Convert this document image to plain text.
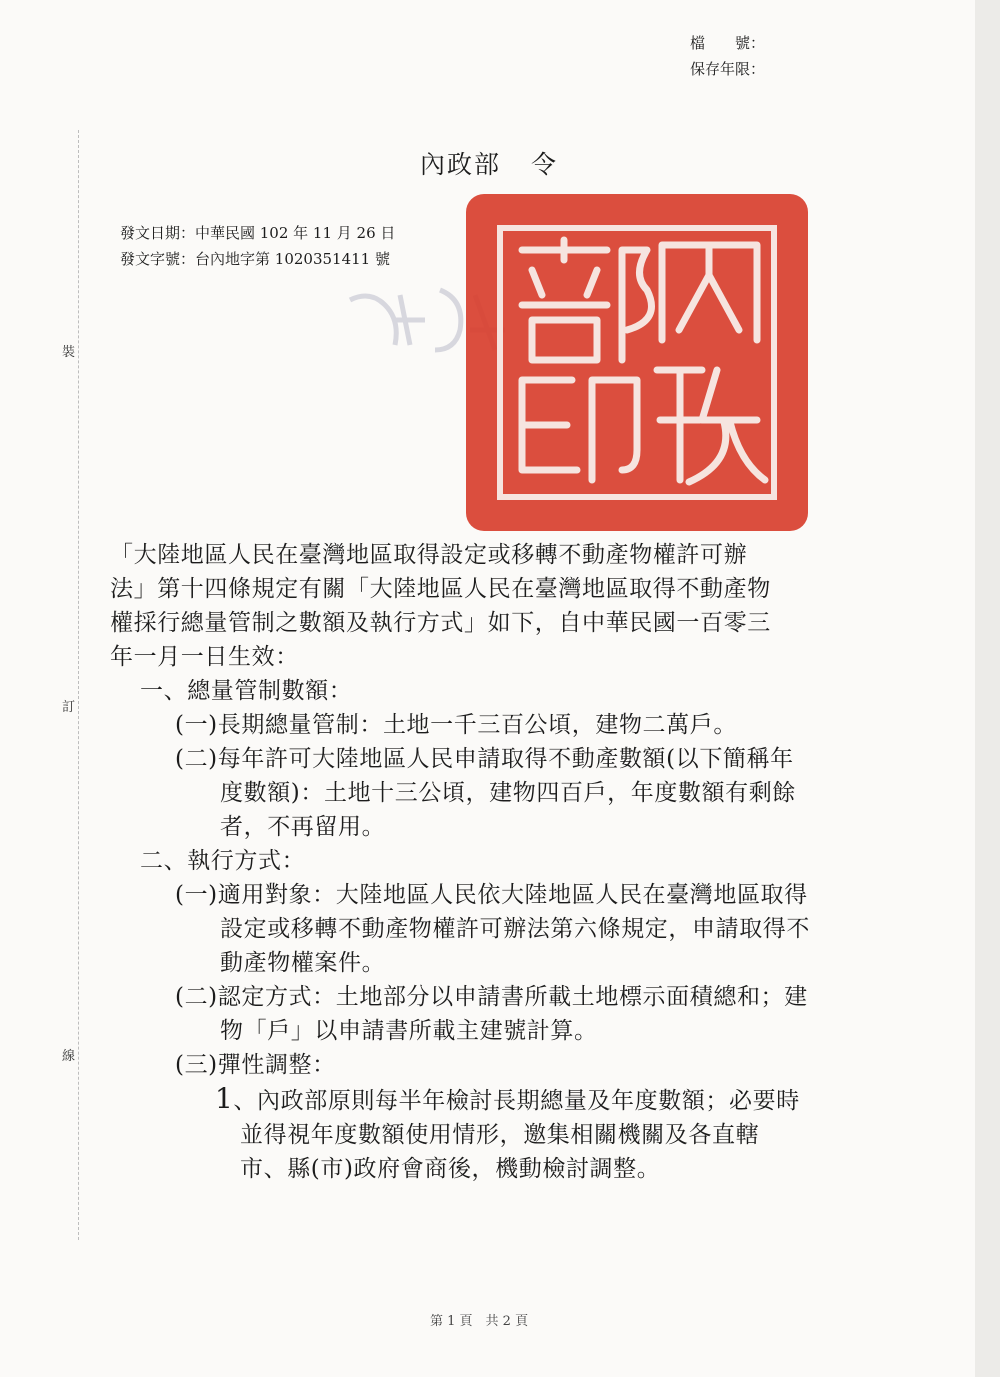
裝
訂
線
檔　　號：
保存年限：
內政部 令
發文日期：中華民國 102 年 11 月 26 日
發文字號：台內地字第 1020351411 號

「大陸地區人民在臺灣地區取得設定或移轉不動產物權許可辦

法」第十四條規定有關「大陸地區人民在臺灣地區取得不動產物

權採行總量管制之數額及執行方式」如下，自中華民國一百零三

年一月一日生效：

一、總量管制數額：

(一)長期總量管制：土地一千三百公頃，建物二萬戶。

(二)每年許可大陸地區人民申請取得不動產數額(以下簡稱年

度數額)：土地十三公頃，建物四百戶，年度數額有剩餘

者，不再留用。

二、執行方式：

(一)適用對象：大陸地區人民依大陸地區人民在臺灣地區取得

設定或移轉不動產物權許可辦法第六條規定，申請取得不

動產物權案件。

(二)認定方式：土地部分以申請書所載土地標示面積總和；建

物「戶」以申請書所載主建號計算。

(三)彈性調整：

1、內政部原則每半年檢討長期總量及年度數額；必要時

並得視年度數額使用情形，邀集相關機關及各直轄

市、縣(市)政府會商後，機動檢討調整。

第 1 頁　共 2 頁
